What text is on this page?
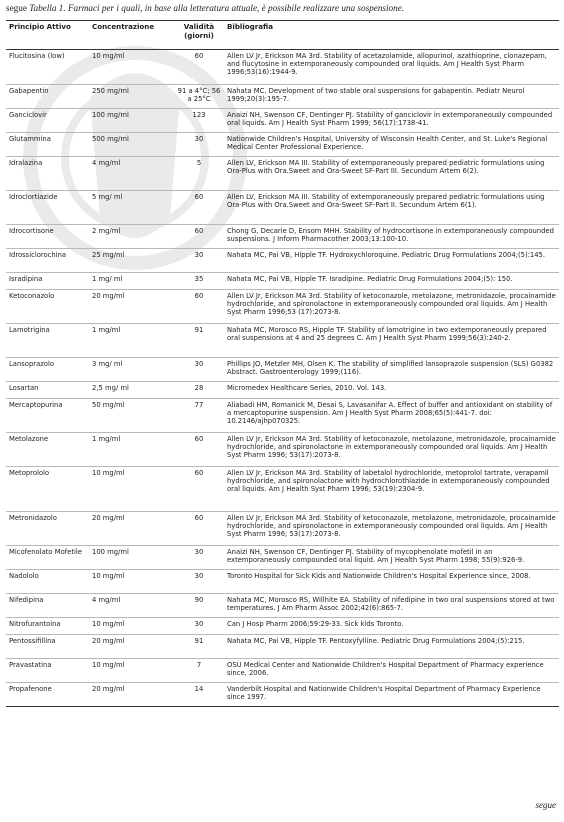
segue Tabella 1. Farmaci per i quali, in base alla letteratura attuale, è possibile realizzare una sospensione.
Principio Attivo	Concentrazione	Validità (giorni)	Bibliografia
Flucitosina (low)	10 mg/ml	60	Allen LV Jr, Erickson MA 3rd. Stability of acetazolamide, allopurinol, azathioprine, clonazepam, and flucytosine in extemporaneously compounded oral liquids. Am J Health Syst Pharm 1996;53(16):1944-9.
Gabapentin	250 mg/ml	91 a 4°C; 56 a 25°C	Nahata MC. Development of two stable oral suspensions for gabapentin. Pediatr Neurol 1999;20(3):195-7.
Ganciclovir	100 mg/ml	123	Anaizi NH, Swenson CF, Dentinger PJ. Stability of ganciclovir in extemporaneously compounded oral liquids. Am J Health Syst Pharm 1999; 56(17):1738-41.
Glutammina	500 mg/ml	30	Nationwide Children's Hospital, University of Wisconsin Health Center, and St. Luke's Regional Medical Center Professional Experience.
Idralazina	4 mg/ml	5	Allen LV, Erickson MA III. Stability of extemporaneously prepared pediatric formulations using Ora-Plus with Ora.Sweet and Ora-Sweet SF-Part III. Secundum Artem 6(2).
Idroclortiazide	5 mg/ ml	60	Allen LV, Erickson MA III. Stability of extemporaneously prepared pediatric formulations using Ora-Plus with Ora.Sweet and Ora-Sweet SF-Part II. Secundum Artem 6(1).
Idrocortisone	2 mg/ml	60	Chong G, Decarie D, Ensom MHH. Stability of hydrocortisone in extemporaneously compounded suspensions. J Inform Pharmacother 2003;13:100-10.
Idrossiclorochina	25 mg/ml	30	Nahata MC, Pai VB, Hipple TF. Hydroxychloroquine. Pediatric Drug Formulations 2004;(5):145.
Isradipina	1 mg/ ml	35	Nahata MC, Pai VB, Hipple TF. Isradipine. Pediatric Drug Formulations 2004;(5): 150.
Ketoconazolo	20 mg/ml	60	Allen LV Jr, Erickson MA 3rd. Stability of ketoconazole, metolazone, metronidazole, procainamide hydrochloride, and spironolactone in extemporaneously compounded oral liquids. Am J Health Syst Pharm 1996;53 (17):2073-8.
Lamotrigina	1 mg/ml	91	Nahata MC, Morosco RS, Hipple TF. Stability of lamotrigine in two extemporaneously prepared oral suspensions at 4 and 25 degrees C. Am J Health Syst Pharm 1999;56(3):240-2.
Lansoprazolo	3 mg/ ml	30	Phillips JO, Metzler MH, Olsen K. The stability of simplified lansoprazole suspension (SLS) G0382 Abstract. Gastroenterology 1999;(116).
Losartan	2,5 mg/ ml	28	Micromedex Healthcare Series, 2010. Vol. 143.
Mercaptopurina	50 mg/ml	77	Aliabadi HM, Romanick M, Desai S, Lavasanifar A. Effect of buffer and antioxidant on stability of a mercaptopurine suspension. Am J Health Syst Pharm 2008;65(5):441-7. doi: 10.2146/ajhp070325.
Metolazone	1 mg/ml	60	Allen LV Jr, Erickson MA 3rd. Stability of ketoconazole, metolazone, metronidazole, procainamide hydrochloride, and spironolactone in extemporaneously compounded oral liquids. Am J Health Syst Pharm 1996; 53(17):2073-8.
Metoprololo	10 mg/ml	60	Allen LV Jr, Erickson MA 3rd. Stability of labetalol hydrochloride, metoprolol tartrate, verapamil hydrochloride, and spironolactone with hydrochlorothiazide in extemporaneously compounded oral liquids. Am J Health Syst Pharm 1996; 53(19):2304-9.
Metronidazolo	20 mg/ml	60	Allen LV Jr, Erickson MA 3rd. Stability of ketoconazole, metolazone, metronidazole, procainamide hydrochloride, and spironolactone in extemporaneously compounded oral liquids. Am J Health Syst Pharm 1996; 53(17):2073-8.
Micofenolato Mofetile	100 mg/ml	30	Anaizi NH, Swenson CF, Dentinger PJ. Stability of mycophenolate mofetil in an extemporaneously compounded oral liquid. Am J Health Syst Pharm 1998; 55(9):926-9.
Nadololo	10 mg/ml	30	Toronto Hospital for Sick Kids and Nationwide Children's Hospital Experience since, 2008.
Nifedipina	4 mg/ml	90	Nahata MC, Morosco RS, Willhite EA. Stability of nifedipine in two oral suspensions stored at two temperatures. J Am Pharm Assoc 2002;42(6):865-7.
Nitrofurantoina	10 mg/ml	30	Can J Hosp Pharm 2006;59:29-33. Sick kids Toronto.
Pentossifillina	20 mg/ml	91	Nahata MC, Pai VB, Hipple TF. Pentoxyfylline. Pediatric Drug Formulations 2004;(5):215.
Pravastatina	10 mg/ml	7	OSU Medical Center and Nationwide Children's Hospital Department of Pharmacy experience since, 2006.
Propafenone	20 mg/ml	14	Vanderbilt Hospital and Nationwide Children's Hospital Department of Pharmacy Experience since 1997.
segue
